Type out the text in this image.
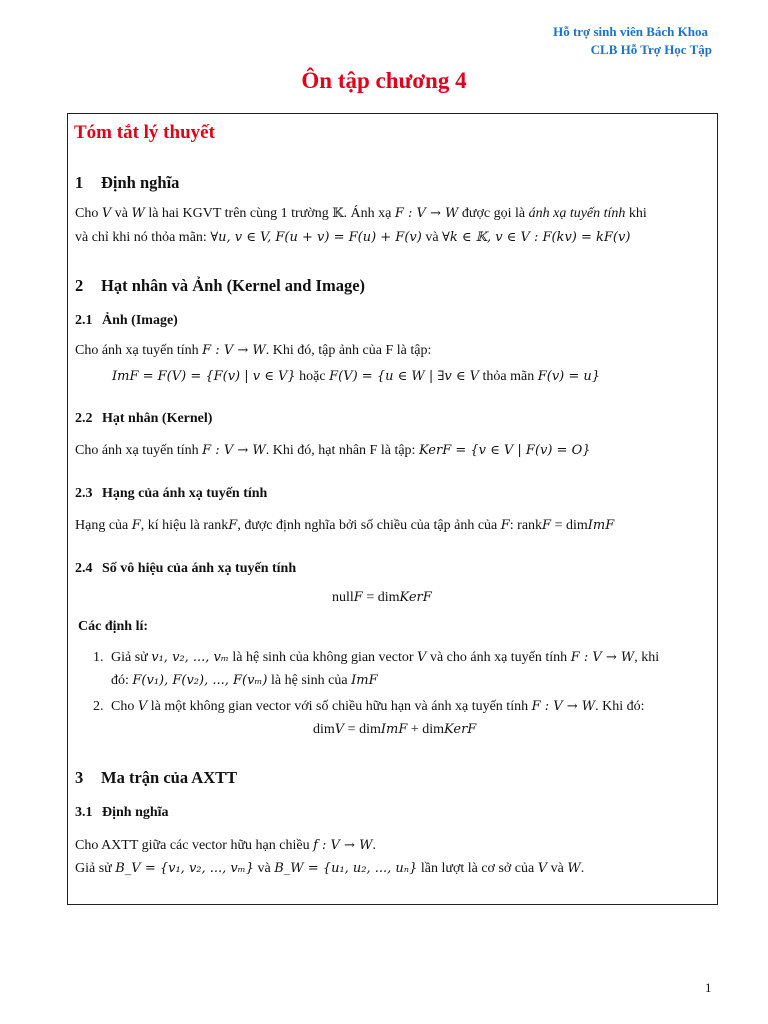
Hỗ trợ sinh viên Bách Khoa
CLB Hỗ Trợ Học Tập
Ôn tập chương 4
Tóm tắt lý thuyết
1 Định nghĩa
Cho V và W là hai KGVT trên cùng 1 trường 𝕂. Ánh xạ F : V → W được gọi là ánh xạ tuyến tính khi
và chỉ khi nó thỏa mãn: ∀u, v ∈ V, F(u + v) = F(u) + F(v) và ∀k ∈ 𝕂, v ∈ V : F(kv) = kF(v)
2 Hạt nhân và Ảnh (Kernel and Image)
2.1 Ảnh (Image)
Cho ánh xạ tuyến tính F : V → W. Khi đó, tập ảnh của F là tập:
ImF = F(V) = {F(v) | v ∈ V} hoặc F(V) = {u ∈ W | ∃v ∈ V thỏa mãn F(v) = u}
2.2 Hạt nhân (Kernel)
Cho ánh xạ tuyến tính F : V → W. Khi đó, hạt nhân F là tập: KerF = {v ∈ V | F(v) = O}
2.3 Hạng của ánh xạ tuyến tính
Hạng của F, kí hiệu là rankF, được định nghĩa bởi số chiều của tập ảnh của F: rankF = dimImF
2.4 Số vô hiệu của ánh xạ tuyến tính
nullF = dimKerF
Các định lí:
1. Giả sử v₁, v₂, ..., vₘ là hệ sinh của không gian vector V và cho ánh xạ tuyến tính F : V → W, khi
đó: F(v₁), F(v₂), ..., F(vₘ) là hệ sinh của ImF
2. Cho V là một không gian vector với số chiều hữu hạn và ánh xạ tuyến tính F : V → W. Khi đó:
dimV = dimImF + dimKerF
3 Ma trận của AXTT
3.1 Định nghĩa
Cho AXTT giữa các vector hữu hạn chiều f : V → W.
Giả sử B_V = {v₁, v₂, ..., vₘ} và B_W = {u₁, u₂, ..., uₙ} lần lượt là cơ sở của V và W.
1
